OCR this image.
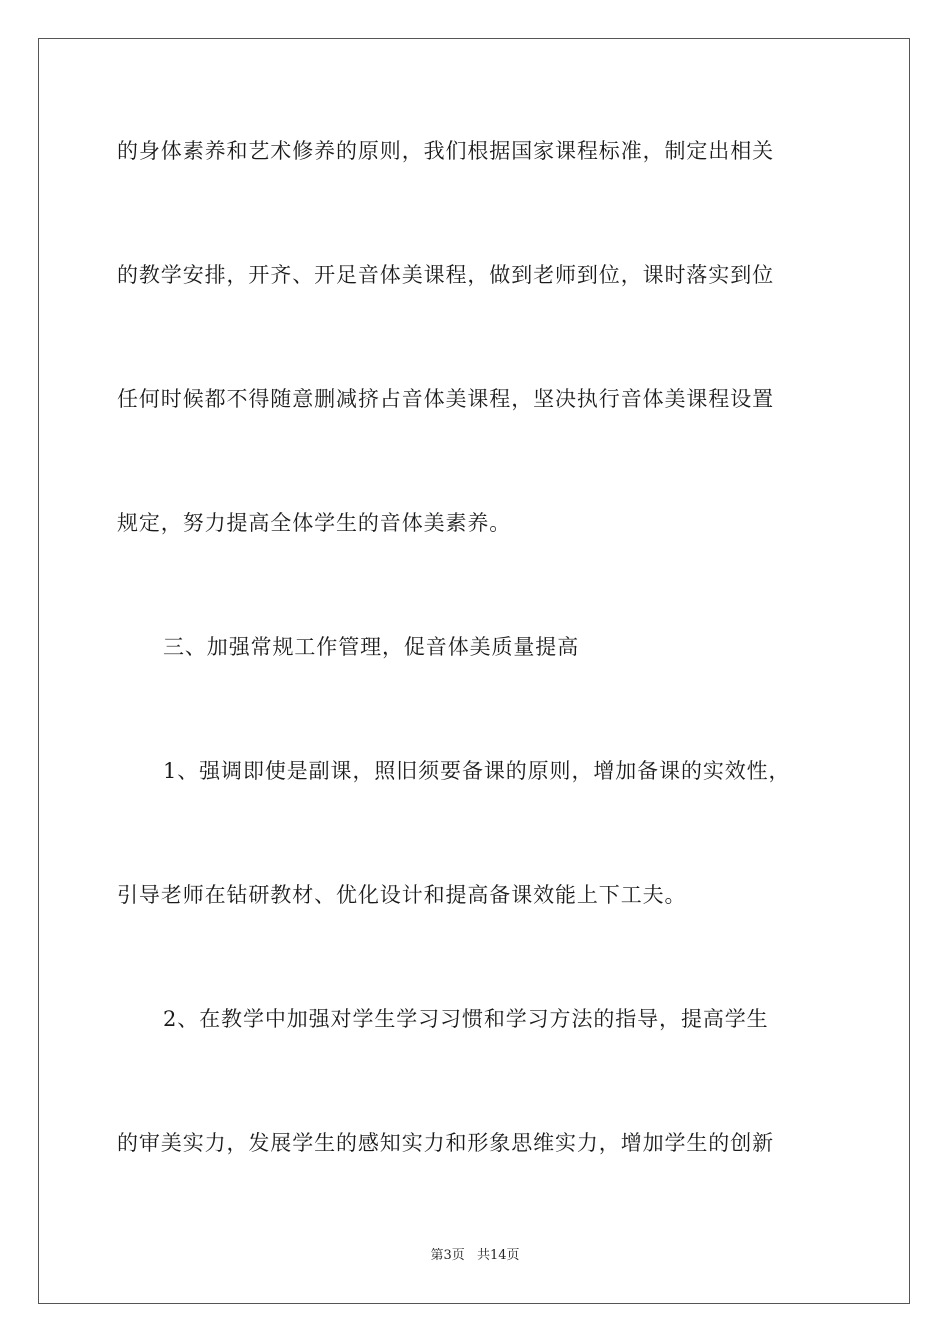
的身体素养和艺术修养的原则，我们根据国家课程标准，制定出相关

的教学安排，开齐、开足音体美课程，做到老师到位，课时落实到位

任何时候都不得随意删减挤占音体美课程，坚决执行音体美课程设置

规定，努力提高全体学生的音体美素养。

三、加强常规工作管理，促音体美质量提高

1、强调即使是副课，照旧须要备课的原则，增加备课的实效性，

引导老师在钻研教材、优化设计和提高备课效能上下工夫。

2、在教学中加强对学生学习习惯和学习方法的指导，提高学生

的审美实力，发展学生的感知实力和形象思维实力，增加学生的创新

第3页 共14页
